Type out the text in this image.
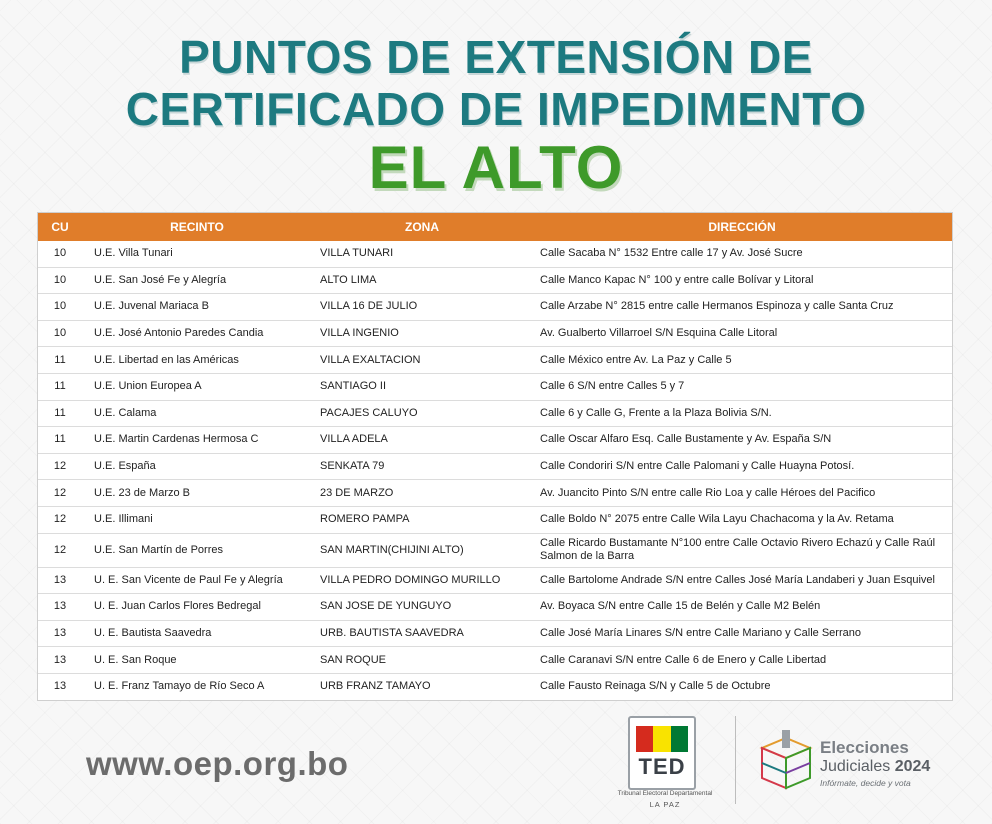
PUNTOS DE EXTENSIÓN DE
CERTIFICADO DE IMPEDIMENTO
EL ALTO
CU	RECINTO	ZONA	DIRECCIÓN
10	U.E. Villa Tunari	VILLA TUNARI	Calle Sacaba N° 1532 Entre calle 17 y Av. José Sucre
10	U.E. San José Fe y Alegría	ALTO LIMA	Calle Manco Kapac N° 100 y entre calle Bolívar y Litoral
10	U.E. Juvenal Mariaca B	VILLA 16 DE JULIO	Calle Arzabe N° 2815 entre calle Hermanos Espinoza y calle Santa Cruz
10	U.E. José Antonio Paredes Candia	VILLA INGENIO	Av. Gualberto Villarroel S/N Esquina Calle Litoral
11	U.E. Libertad en las Américas	VILLA EXALTACION	Calle México entre Av. La Paz y Calle 5
11	U.E. Union Europea A	SANTIAGO II	Calle 6 S/N entre Calles 5 y 7
11	U.E. Calama	PACAJES CALUYO	Calle 6 y Calle G, Frente a la Plaza Bolivia S/N.
11	U.E. Martin Cardenas Hermosa C	VILLA ADELA	Calle Oscar Alfaro Esq. Calle Bustamente y Av. España S/N
12	U.E. España	SENKATA 79	Calle Condoriri S/N entre Calle Palomani y Calle Huayna Potosí.
12	U.E. 23 de Marzo B	23 DE MARZO	Av. Juancito Pinto S/N entre calle Rio Loa y calle Héroes del Pacifico
12	U.E. Illimani	ROMERO PAMPA	Calle Boldo N° 2075 entre Calle Wila Layu Chachacoma y la Av. Retama
12	U.E. San Martín de Porres	SAN MARTIN(CHIJINI ALTO)	Calle Ricardo Bustamante N°100 entre Calle Octavio Rivero Echazú y Calle Raúl Salmon de la Barra
13	U. E. San Vicente de Paul Fe y Alegría	VILLA PEDRO DOMINGO MURILLO	Calle Bartolome Andrade S/N entre Calles José María Landaberi y Juan Esquivel
13	U. E. Juan Carlos Flores Bedregal	SAN JOSE DE YUNGUYO	Av. Boyaca S/N entre Calle 15 de Belén y Calle M2 Belén
13	U. E. Bautista Saavedra	URB. BAUTISTA SAAVEDRA	Calle José María Linares S/N entre Calle Mariano y Calle Serrano
13	U. E. San Roque	SAN ROQUE	Calle Caranavi S/N entre Calle 6 de Enero y Calle Libertad
13	U. E. Franz Tamayo de Río Seco A	URB FRANZ TAMAYO	Calle Fausto Reinaga S/N y Calle 5 de Octubre
www.oep.org.bo	TED
Tribunal Electoral Departamental
LA PAZ
Elecciones
Judiciales 2024
Infórmate, decide y vota
